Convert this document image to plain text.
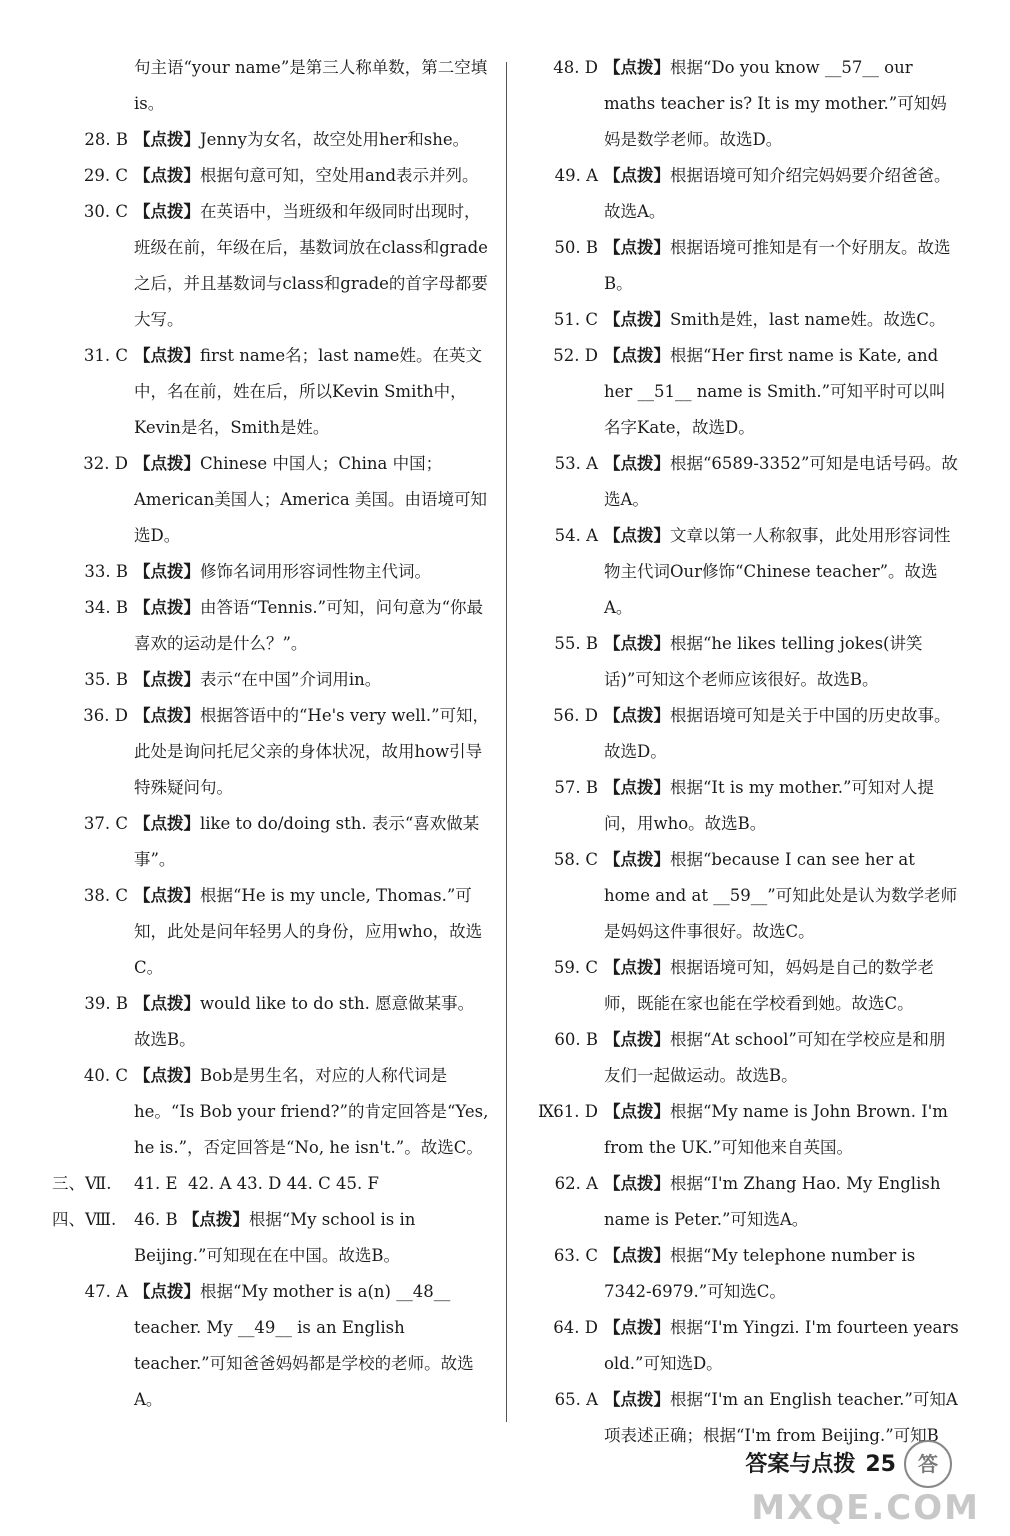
句主语“your name”是第三人称单数，第二空填is。

28. B 【点拨】Jenny为女名，故空处用her和she。

29. C 【点拨】根据句意可知，空处用and表示并列。

30. C 【点拨】在英语中，当班级和年级同时出现时，班级在前，年级在后，基数词放在class和grade之后，并且基数词与class和grade的首字母都要大写。

31. C 【点拨】first name名；last name姓。在英文中，名在前，姓在后，所以Kevin Smith中，Kevin是名，Smith是姓。

32. D 【点拨】Chinese 中国人；China 中国；American美国人；America 美国。由语境可知选D。

33. B 【点拨】修饰名词用形容词性物主代词。

34. B 【点拨】由答语“Tennis.”可知，问句意为“你最喜欢的运动是什么？”。

35. B 【点拨】表示“在中国”介词用in。

36. D 【点拨】根据答语中的“He's very well.”可知，此处是询问托尼父亲的身体状况，故用how引导特殊疑问句。

37. C 【点拨】like to do/doing sth. 表示“喜欢做某事”。

38. C 【点拨】根据“He is my uncle, Thomas.”可知，此处是问年轻男人的身份，应用who，故选C。

39. B 【点拨】would like to do sth. 愿意做某事。故选B。

40. C 【点拨】Bob是男生名，对应的人称代词是he。“Is Bob your friend?”的肯定回答是“Yes, he is.”，否定回答是“No, he isn't.”。故选C。

三、Ⅶ. 41. E 42. A 43. D 44. C 45. F

四、Ⅷ. 46. B 【点拨】根据“My school is in Beijing.”可知现在在中国。故选B。

47. A 【点拨】根据“My mother is a(n) __48__ teacher. My __49__ is an English teacher.”可知爸爸妈妈都是学校的老师。故选A。

48. D 【点拨】根据“Do you know __57__ our maths teacher is? It is my mother.”可知妈妈是数学老师。故选D。

49. A 【点拨】根据语境可知介绍完妈妈要介绍爸爸。故选A。

50. B 【点拨】根据语境可推知是有一个好朋友。故选B。

51. C 【点拨】Smith是姓，last name姓。故选C。

52. D 【点拨】根据“Her first name is Kate, and her __51__ name is Smith.”可知平时可以叫名字Kate，故选D。

53. A 【点拨】根据“6589-3352”可知是电话号码。故选A。

54. A 【点拨】文章以第一人称叙事，此处用形容词性物主代词Our修饰“Chinese teacher”。故选A。

55. B 【点拨】根据“he likes telling jokes(讲笑话)”可知这个老师应该很好。故选B。

56. D 【点拨】根据语境可知是关于中国的历史故事。故选D。

57. B 【点拨】根据“It is my mother.”可知对人提问，用who。故选B。

58. C 【点拨】根据“because I can see her at home and at __59__”可知此处是认为数学老师是妈妈这件事很好。故选C。

59. C 【点拨】根据语境可知，妈妈是自己的数学老师，既能在家也能在学校看到她。故选C。

60. B 【点拨】根据“At school”可知在学校应是和朋友们一起做运动。故选B。

Ⅸ.
61. D 【点拨】根据“My name is John Brown. I'm from the UK.”可知他来自英国。

62. A 【点拨】根据“I'm Zhang Hao. My English name is Peter.”可知选A。

63. C 【点拨】根据“My telephone number is 7342-6979.”可知选C。

64. D 【点拨】根据“I'm Yingzi. I'm fourteen years old.”可知选D。

65. A 【点拨】根据“I'm an English teacher.”可知A项表述正确；根据“I'm from Beijing.”可知B

答案与点拨 25 答
MXQE.COM
